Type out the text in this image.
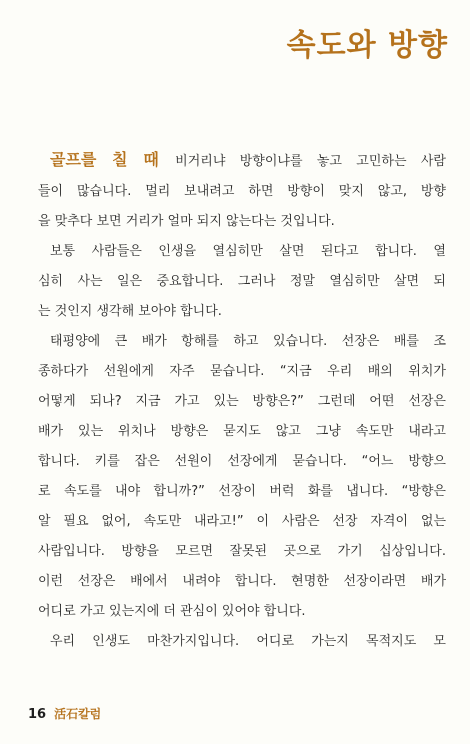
속도와 방향
골프를 칠 때 비거리냐 방향이냐를 놓고 고민하는 사람
들이 많습니다. 멀리 보내려고 하면 방향이 맞지 않고, 방향
을 맞추다 보면 거리가 얼마 되지 않는다는 것입니다.
보통 사람들은 인생을 열심히만 살면 된다고 합니다. 열
심히 사는 일은 중요합니다. 그러나 정말 열심히만 살면 되
는 것인지 생각해 보아야 합니다.
태평양에 큰 배가 항해를 하고 있습니다. 선장은 배를 조
종하다가 선원에게 자주 묻습니다. “지금 우리 배의 위치가
어떻게 되나? 지금 가고 있는 방향은?” 그런데 어떤 선장은
배가 있는 위치나 방향은 묻지도 않고 그냥 속도만 내라고
합니다. 키를 잡은 선원이 선장에게 묻습니다. “어느 방향으
로 속도를 내야 합니까?” 선장이 버럭 화를 냅니다. “방향은
알 필요 없어, 속도만 내라고!” 이 사람은 선장 자격이 없는
사람입니다. 방향을 모르면 잘못된 곳으로 가기 십상입니다.
이런 선장은 배에서 내려야 합니다. 현명한 선장이라면 배가
어디로 가고 있는지에 더 관심이 있어야 합니다.
우리 인생도 마찬가지입니다. 어디로 가는지 목적지도 모
16 活石칼럼
